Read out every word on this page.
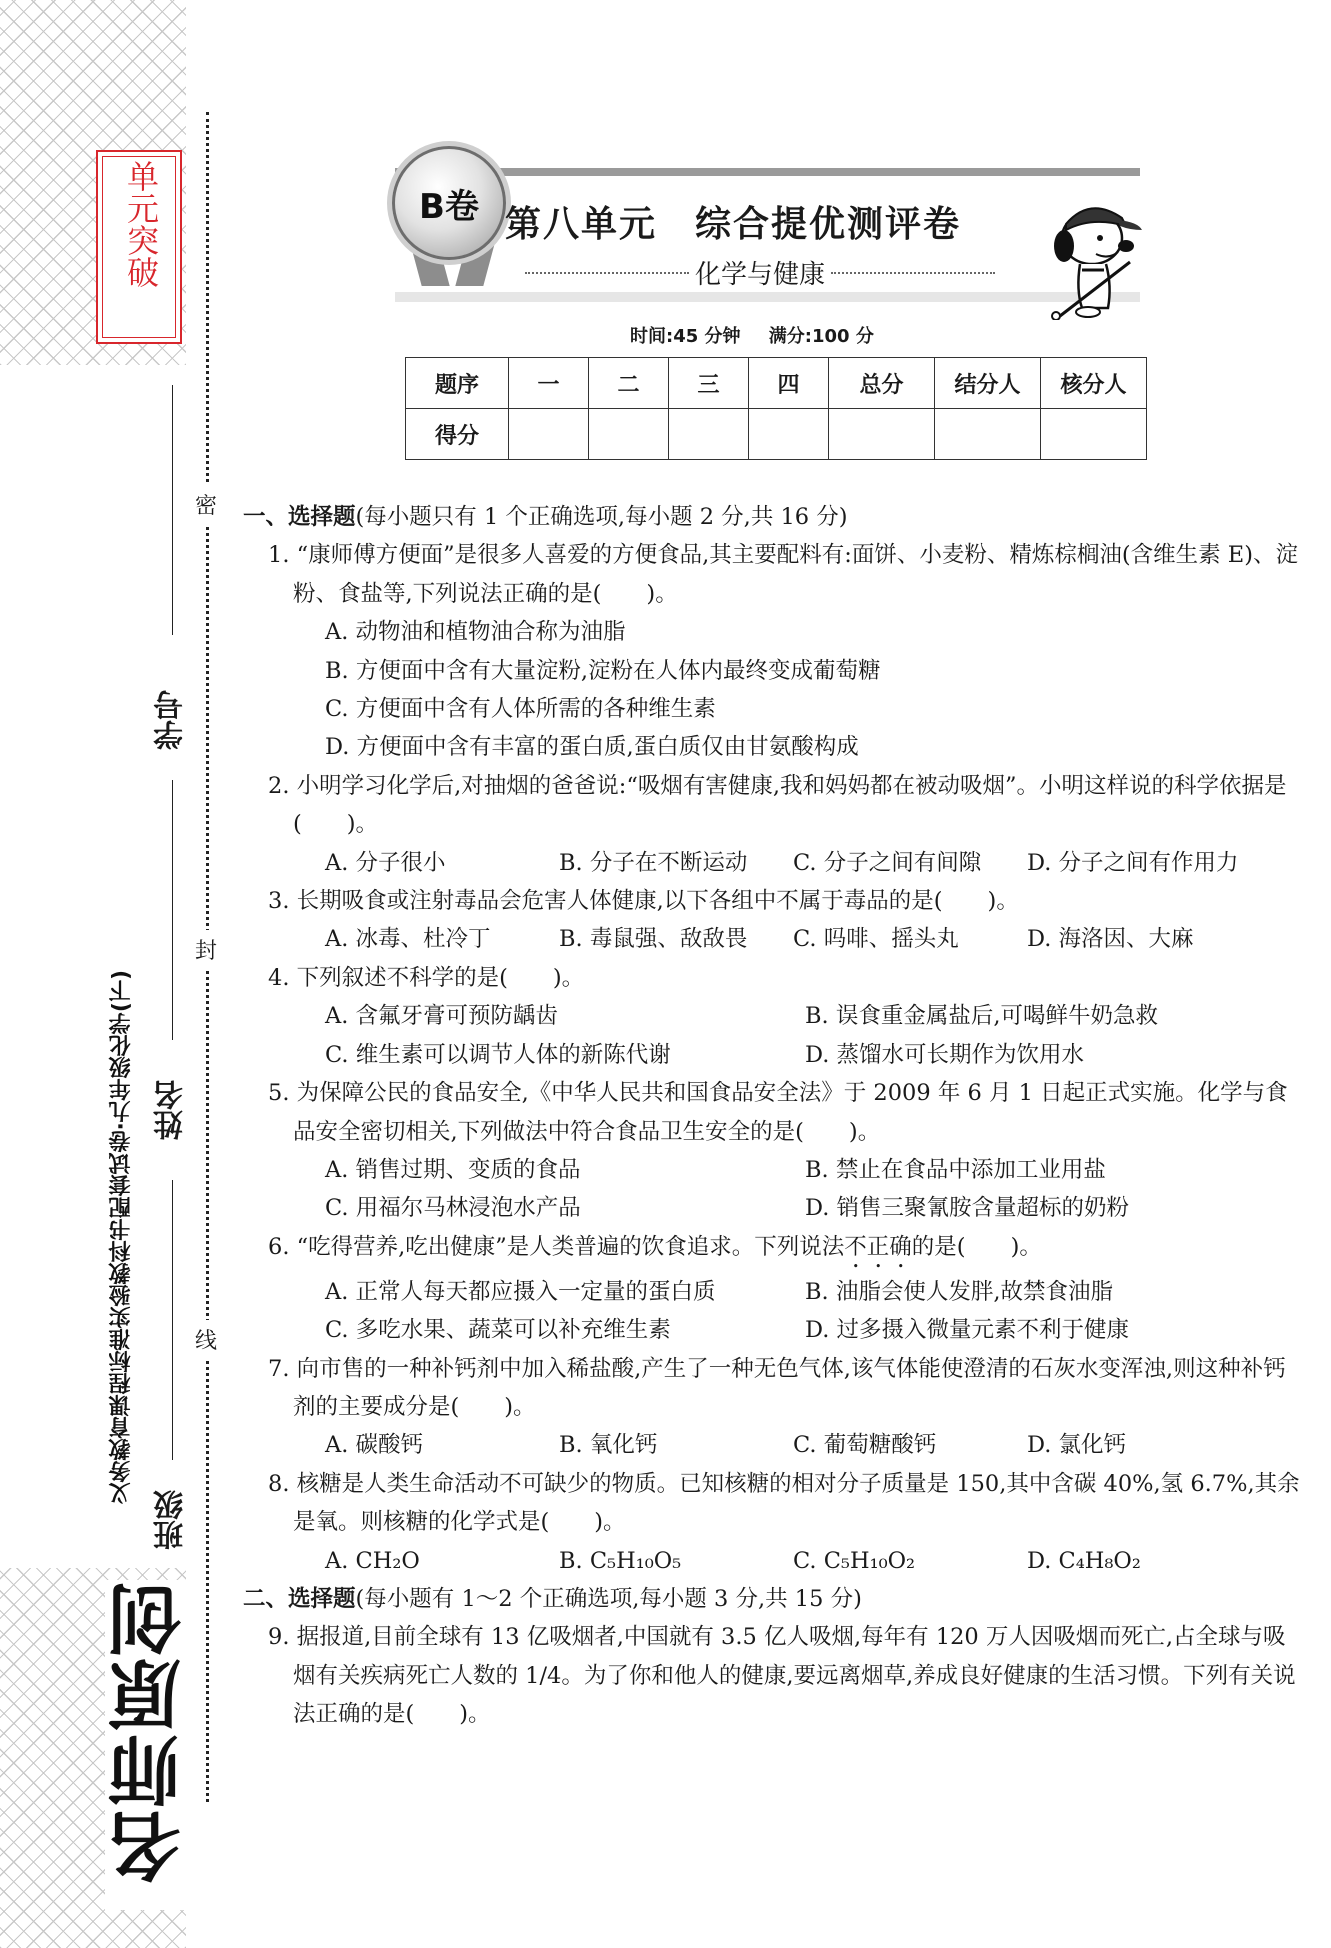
单元突破
密
封
线
学号
姓名
班级
义务教育课程标准实验教科书配套试卷·九年级化学(下)
名师原创
B卷 第八单元　综合提优测评卷
化学与健康
时间:45 分钟 满分:100 分
题序	一	二	三	四	总分	结分人	核分人
得分							
一、选择题(每小题只有 1 个正确选项,每小题 2 分,共 16 分)
1. “康师傅方便面”是很多人喜爱的方便食品,其主要配料有:面饼、小麦粉、精炼棕榈油(含维生素 E)、淀粉、食盐等,下列说法正确的是(　　)。
A. 动物油和植物油合称为油脂
B. 方便面中含有大量淀粉,淀粉在人体内最终变成葡萄糖
C. 方便面中含有人体所需的各种维生素
D. 方便面中含有丰富的蛋白质,蛋白质仅由甘氨酸构成
2. 小明学习化学后,对抽烟的爸爸说:“吸烟有害健康,我和妈妈都在被动吸烟”。小明这样说的科学依据是(　　)。
A. 分子很小	B. 分子在不断运动	C. 分子之间有间隙	D. 分子之间有作用力
3. 长期吸食或注射毒品会危害人体健康,以下各组中不属于毒品的是(　　)。
A. 冰毒、杜冷丁	B. 毒鼠强、敌敌畏	C. 吗啡、摇头丸	D. 海洛因、大麻
4. 下列叙述不科学的是(　　)。
A. 含氟牙膏可预防龋齿	B. 误食重金属盐后,可喝鲜牛奶急救
C. 维生素可以调节人体的新陈代谢	D. 蒸馏水可长期作为饮用水
5. 为保障公民的食品安全,《中华人民共和国食品安全法》于 2009 年 6 月 1 日起正式实施。化学与食品安全密切相关,下列做法中符合食品卫生安全的是(　　)。
A. 销售过期、变质的食品	B. 禁止在食品中添加工业用盐
C. 用福尔马林浸泡水产品	D. 销售三聚氰胺含量超标的奶粉
6. “吃得营养,吃出健康”是人类普遍的饮食追求。下列说法不正确的是(　　)。
A. 正常人每天都应摄入一定量的蛋白质	B. 油脂会使人发胖,故禁食油脂
C. 多吃水果、蔬菜可以补充维生素	D. 过多摄入微量元素不利于健康
7. 向市售的一种补钙剂中加入稀盐酸,产生了一种无色气体,该气体能使澄清的石灰水变浑浊,则这种补钙剂的主要成分是(　　)。
A. 碳酸钙	B. 氧化钙	C. 葡萄糖酸钙	D. 氯化钙
8. 核糖是人类生命活动不可缺少的物质。已知核糖的相对分子质量是 150,其中含碳 40%,氢 6.7%,其余是氧。则核糖的化学式是(　　)。
A. CH₂O	B. C₅H₁₀O₅	C. C₅H₁₀O₂	D. C₄H₈O₂
二、选择题(每小题有 1～2 个正确选项,每小题 3 分,共 15 分)
9. 据报道,目前全球有 13 亿吸烟者,中国就有 3.5 亿人吸烟,每年有 120 万人因吸烟而死亡,占全球与吸烟有关疾病死亡人数的 1/4。为了你和他人的健康,要远离烟草,养成良好健康的生活习惯。下列有关说法正确的是(　　)。
